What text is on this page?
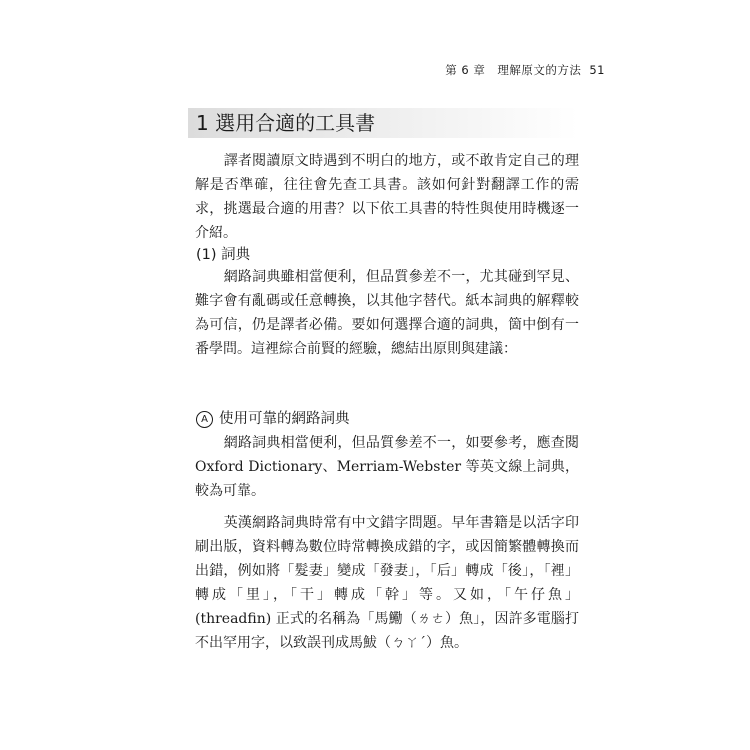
第 6 章　理解原文的方法 51
1 選用合適的工具書

譯者閱讀原文時遇到不明白的地方，或不敢肯定自己的理解是否準確，往往會先查工具書。該如何針對翻譯工作的需求，挑選最合適的用書？以下依工具書的特性與使用時機逐一介紹。

(1) 詞典

網路詞典雖相當便利，但品質參差不一，尤其碰到罕見、難字會有亂碼或任意轉換，以其他字替代。紙本詞典的解釋較為可信，仍是譯者必備。要如何選擇合適的詞典，箇中倒有一番學問。這裡綜合前賢的經驗，總結出原則與建議：

A 使用可靠的網路詞典

網路詞典相當便利，但品質參差不一，如要參考，應查閱 Oxford Dictionary、Merriam-Webster 等英文線上詞典，較為可靠。

英漢網路詞典時常有中文錯字問題。早年書籍是以活字印刷出版，資料轉為數位時常轉換成錯的字，或因簡繁體轉換而出錯，例如將「髮妻」變成「發妻」，「后」轉成「後」，「裡」轉成「里」，「干」轉成「幹」等。又如，「午仔魚」(threadfin) 正式的名稱為「馬鰳（ㄌㄜ）魚」，因許多電腦打不出罕用字，以致誤刊成馬鮁（ㄅㄚˊ）魚。
